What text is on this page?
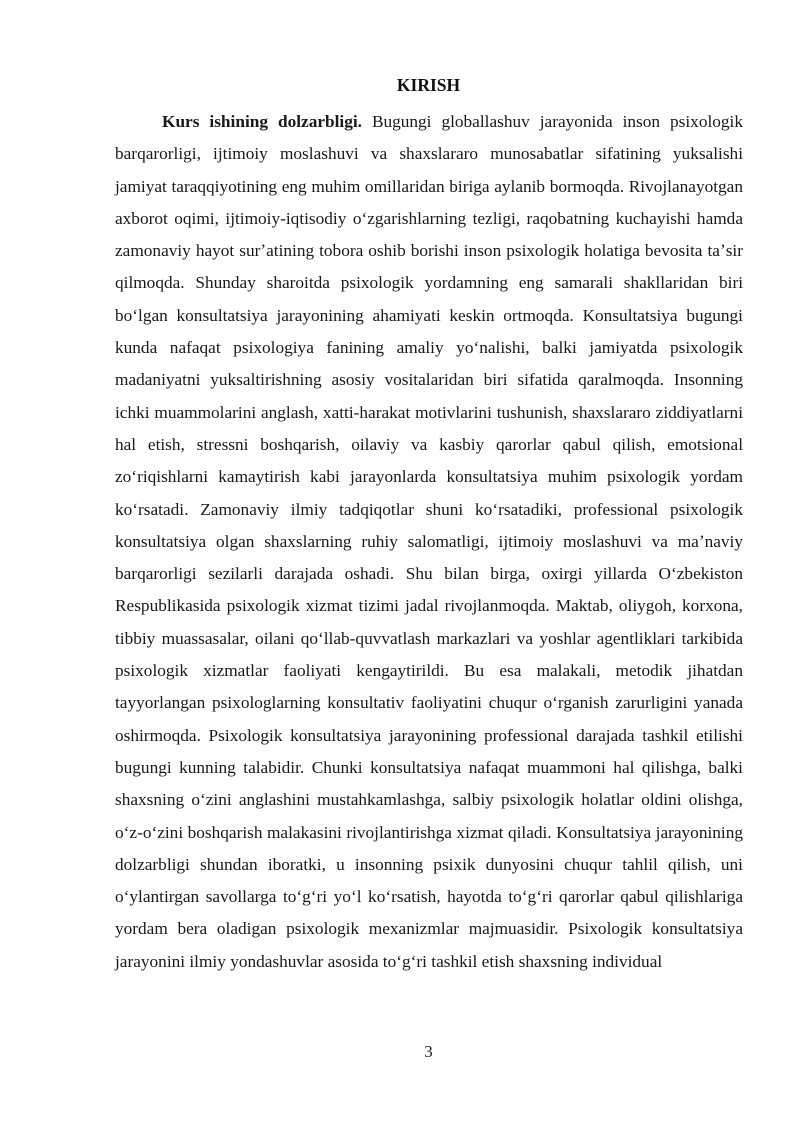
KIRISH

Kurs ishining dolzarbligi. Bugungi globallashuv jarayonida inson psixologik barqarorligi, ijtimoiy moslashuvi va shaxslararo munosabatlar sifatining yuksalishi jamiyat taraqqiyotining eng muhim omillaridan biriga aylanib bormoqda. Rivojlanayotgan axborot oqimi, ijtimoiy-iqtisodiy oʻzgarishlarning tezligi, raqobatning kuchayishi hamda zamonaviy hayot surʼatining tobora oshib borishi inson psixologik holatiga bevosita taʼsir qilmoqda. Shunday sharoitda psixologik yordamning eng samarali shakllaridan biri boʻlgan konsultatsiya jarayonining ahamiyati keskin ortmoqda. Konsultatsiya bugungi kunda nafaqat psixologiya fanining amaliy yoʻnalishi, balki jamiyatda psixologik madaniyatni yuksaltirishning asosiy vositalaridan biri sifatida qaralmoqda. Insonning ichki muammolarini anglash, xatti-harakat motivlarini tushunish, shaxslararo ziddiyatlarni hal etish, stressni boshqarish, oilaviy va kasbiy qarorlar qabul qilish, emotsional zoʻriqishlarni kamaytirish kabi jarayonlarda konsultatsiya muhim psixologik yordam koʻrsatadi. Zamonaviy ilmiy tadqiqotlar shuni koʻrsatadiki, professional psixologik konsultatsiya olgan shaxslarning ruhiy salomatligi, ijtimoiy moslashuvi va maʼnaviy barqarorligi sezilarli darajada oshadi. Shu bilan birga, oxirgi yillarda Oʻzbekiston Respublikasida psixologik xizmat tizimi jadal rivojlanmoqda. Maktab, oliygoh, korxona, tibbiy muassasalar, oilani qoʻllab-quvvatlash markazlari va yoshlar agentliklari tarkibida psixologik xizmatlar faoliyati kengaytirildi. Bu esa malakali, metodik jihatdan tayyorlangan psixologlarning konsultativ faoliyatini chuqur oʻrganish zarurligini yanada oshirmoqda. Psixologik konsultatsiya jarayonining professional darajada tashkil etilishi bugungi kunning talabidir. Chunki konsultatsiya nafaqat muammoni hal qilishga, balki shaxsning oʻzini anglashini mustahkamlashga, salbiy psixologik holatlar oldini olishga, oʻz-oʻzini boshqarish malakasini rivojlantirishga xizmat qiladi. Konsultatsiya jarayonining dolzarbligi shundan iboratki, u insonning psixik dunyosini chuqur tahlil qilish, uni oʻylantirgan savollarga toʻgʻri yoʻl koʻrsatish, hayotda toʻgʻri qarorlar qabul qilishlariga yordam bera oladigan psixologik mexanizmlar majmuasidir. Psixologik konsultatsiya jarayonini ilmiy yondashuvlar asosida toʻgʻri tashkil etish shaxsning individual

3
